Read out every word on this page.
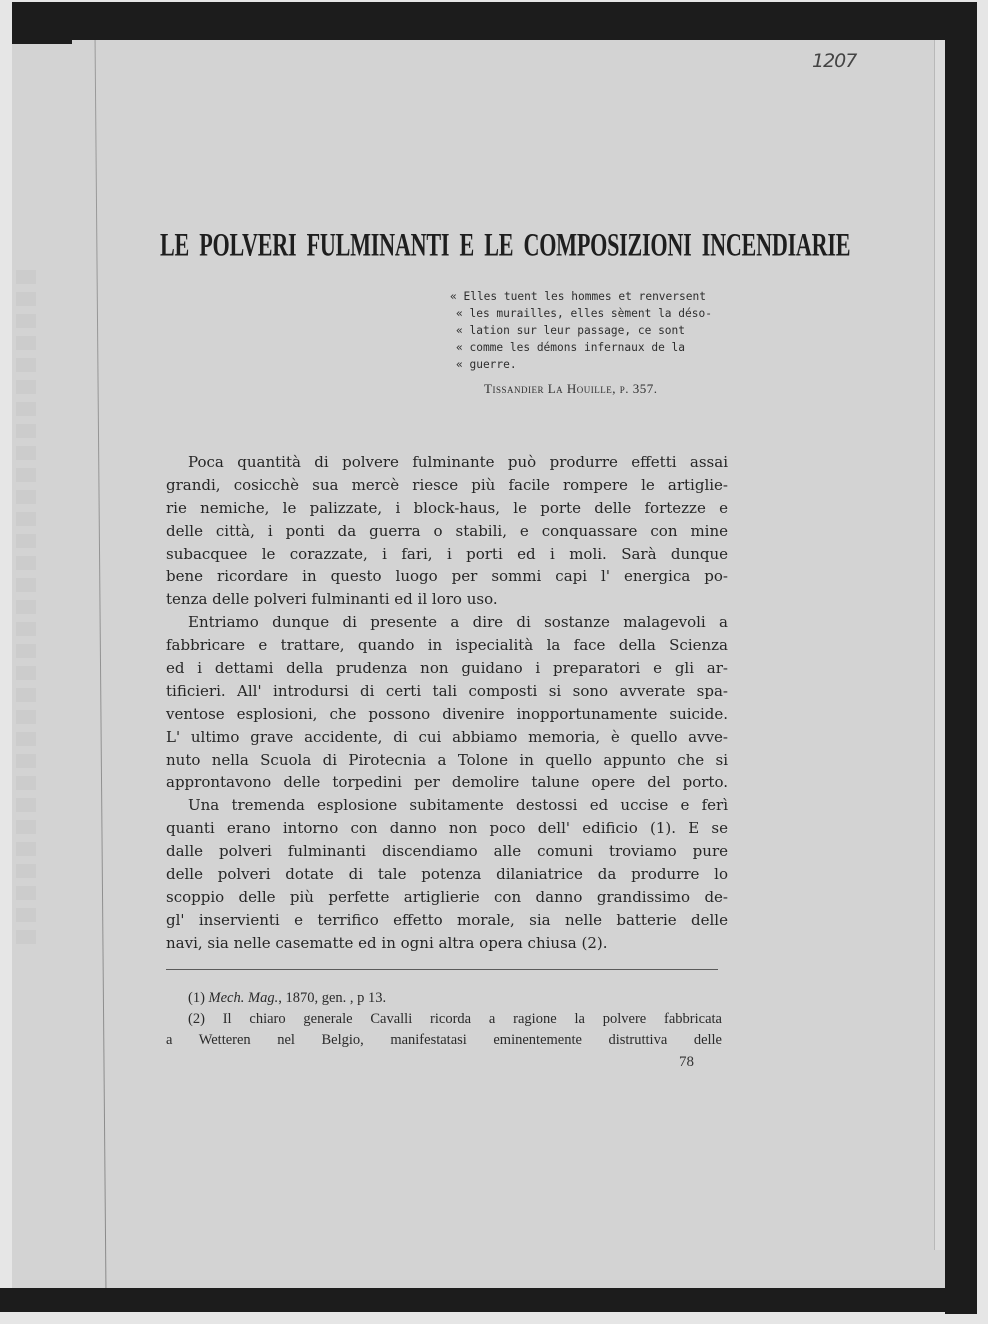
1207
LE POLVERI FULMINANTI E LE COMPOSIZIONI INCENDIARIE
« Elles tuent les hommes et renversent
« les murailles, elles sèment la déso-
« lation sur leur passage, ce sont
« comme les démons infernaux de la
« guerre.
Tissandier La Houille, p. 357.
Poca quantità di polvere fulminante può produrre effetti assai
grandi, cosicchè sua mercè riesce più facile rompere le artiglie-
rie nemiche, le palizzate, i block-haus, le porte delle fortezze e
delle città, i ponti da guerra o stabili, e conquassare con mine
subacquee le corazzate, i fari, i porti ed i moli. Sarà dunque
bene ricordare in questo luogo per sommi capi l' energica po-
tenza delle polveri fulminanti ed il loro uso.
Entriamo dunque di presente a dire di sostanze malagevoli a
fabbricare e trattare, quando in ispecialità la face della Scienza
ed i dettami della prudenza non guidano i preparatori e gli ar-
tificieri. All' introdursi di certi tali composti si sono avverate spa-
ventose esplosioni, che possono divenire inopportunamente suicide.
L' ultimo grave accidente, di cui abbiamo memoria, è quello avve-
nuto nella Scuola di Pirotecnia a Tolone in quello appunto che si
approntavono delle torpedini per demolire talune opere del porto.
Una tremenda esplosione subitamente destossi ed uccise e ferì
quanti erano intorno con danno non poco dell' edificio (1). E se
dalle polveri fulminanti discendiamo alle comuni troviamo pure
delle polveri dotate di tale potenza dilaniatrice da produrre lo
scoppio delle più perfette artiglierie con danno grandissimo de-
gl' inservienti e terrifico effetto morale, sia nelle batterie delle
navi, sia nelle casematte ed in ogni altra opera chiusa (2).
(1) Mech. Mag., 1870, gen. , p 13.
(2) Il chiaro generale Cavalli ricorda a ragione la polvere fabbricata
a Wetteren nel Belgio, manifestatasi eminentemente distruttiva delle
78
